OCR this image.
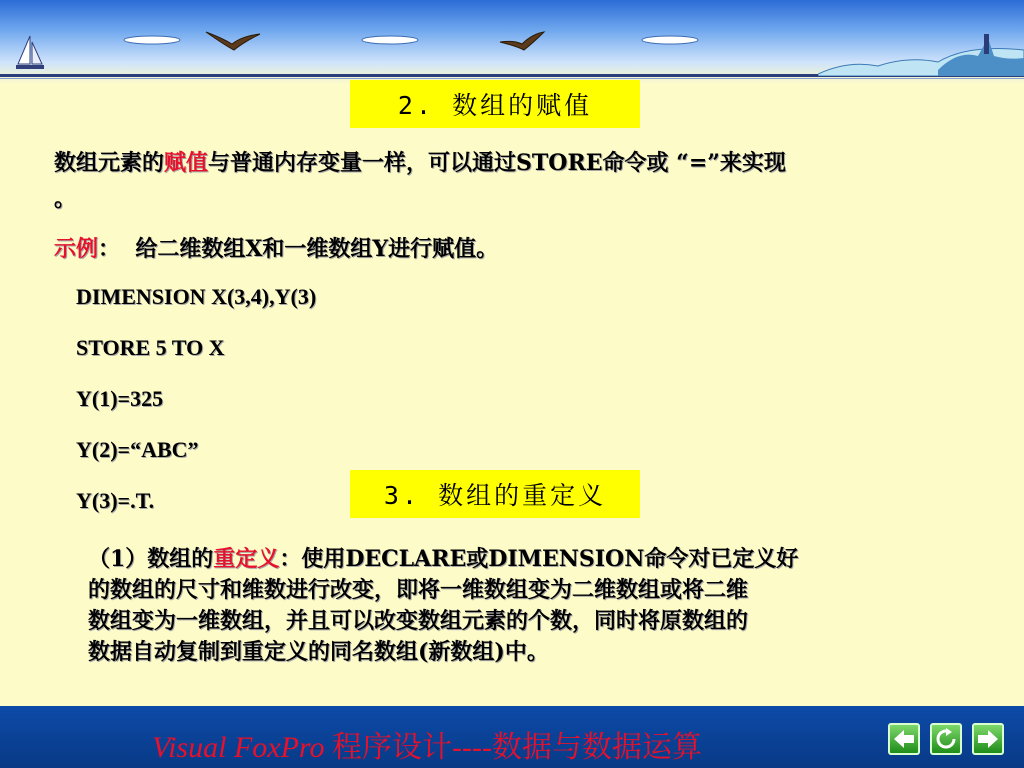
2. 数组的赋值
数组元素的赋值与普通内存变量一样，可以通过STORE命令或 “=”来实现
。
示例： 给二维数组X和一维数组Y进行赋值。
DIMENSION X(3,4),Y(3)
STORE 5 TO X
Y(1)=325
Y(2)=“ABC”
Y(3)=.T.	3. 数组的重定义
（1）数组的重定义：使用DECLARE或DIMENSION命令对已定义好
的数组的尺寸和维数进行改变，即将一维数组变为二维数组或将二维
数组变为一维数组，并且可以改变数组元素的个数，同时将原数组的
数据自动复制到重定义的同名数组(新数组)中。
Visual FoxPro 程序设计----数据与数据运算
